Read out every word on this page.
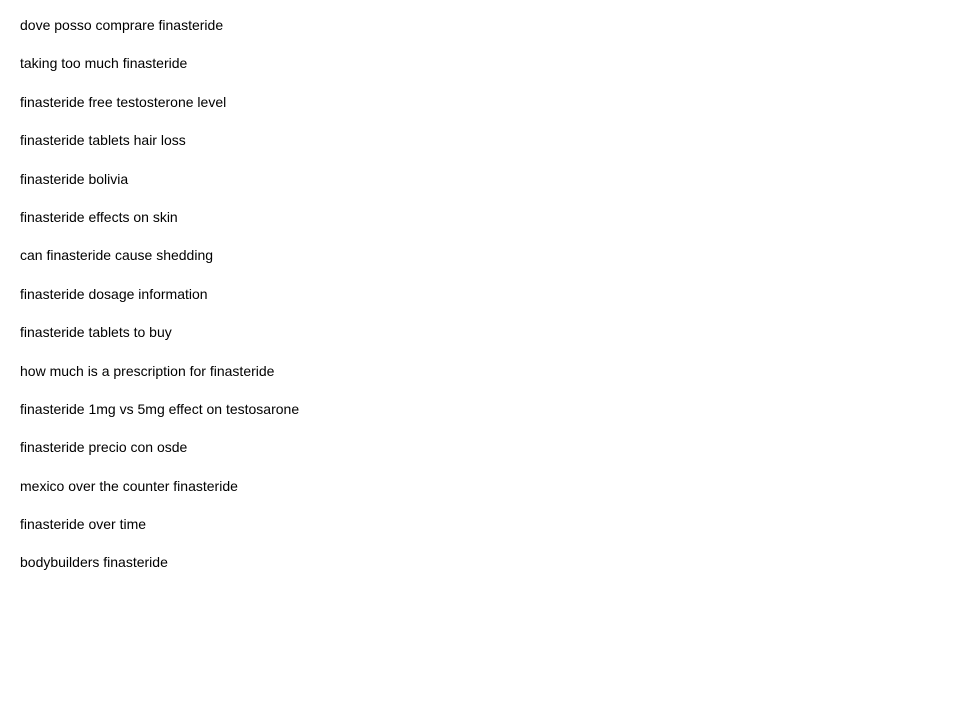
dove posso comprare finasteride
taking too much finasteride
finasteride free testosterone level
finasteride tablets hair loss
finasteride bolivia
finasteride effects on skin
can finasteride cause shedding
finasteride dosage information
finasteride tablets to buy
how much is a prescription for finasteride
finasteride 1mg vs 5mg effect on testosarone
finasteride precio con osde
mexico over the counter finasteride
finasteride over time
bodybuilders finasteride
